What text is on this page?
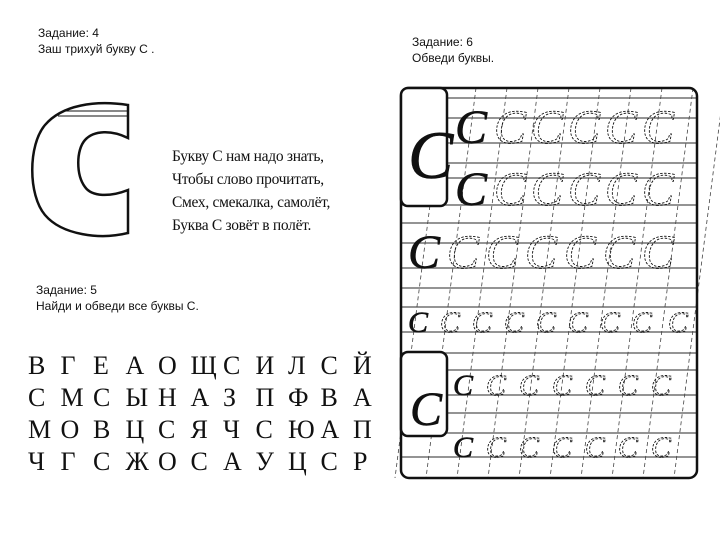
Задание: 4
Заш трихуй букву С .
С
С
С С С С С С
С С С С С С
С С С С С С С
С С С С С С С С С
С С С С С С С
С С С С С С С
Букву С нам надо знать,
Чтобы слово прочитать,
Смех, смекалка, самолёт,
Буква С зовёт в полёт.
Задание: 5
Найди и обведи все буквы С.
В Г Е А О Щ С И Л С Й
С М С Ы Н А З П Ф В А
М О В Ц С Я Ч С Ю А П
Ч Г С Ж О С А У Ц С Р
Задание: 6
Обведи буквы.
